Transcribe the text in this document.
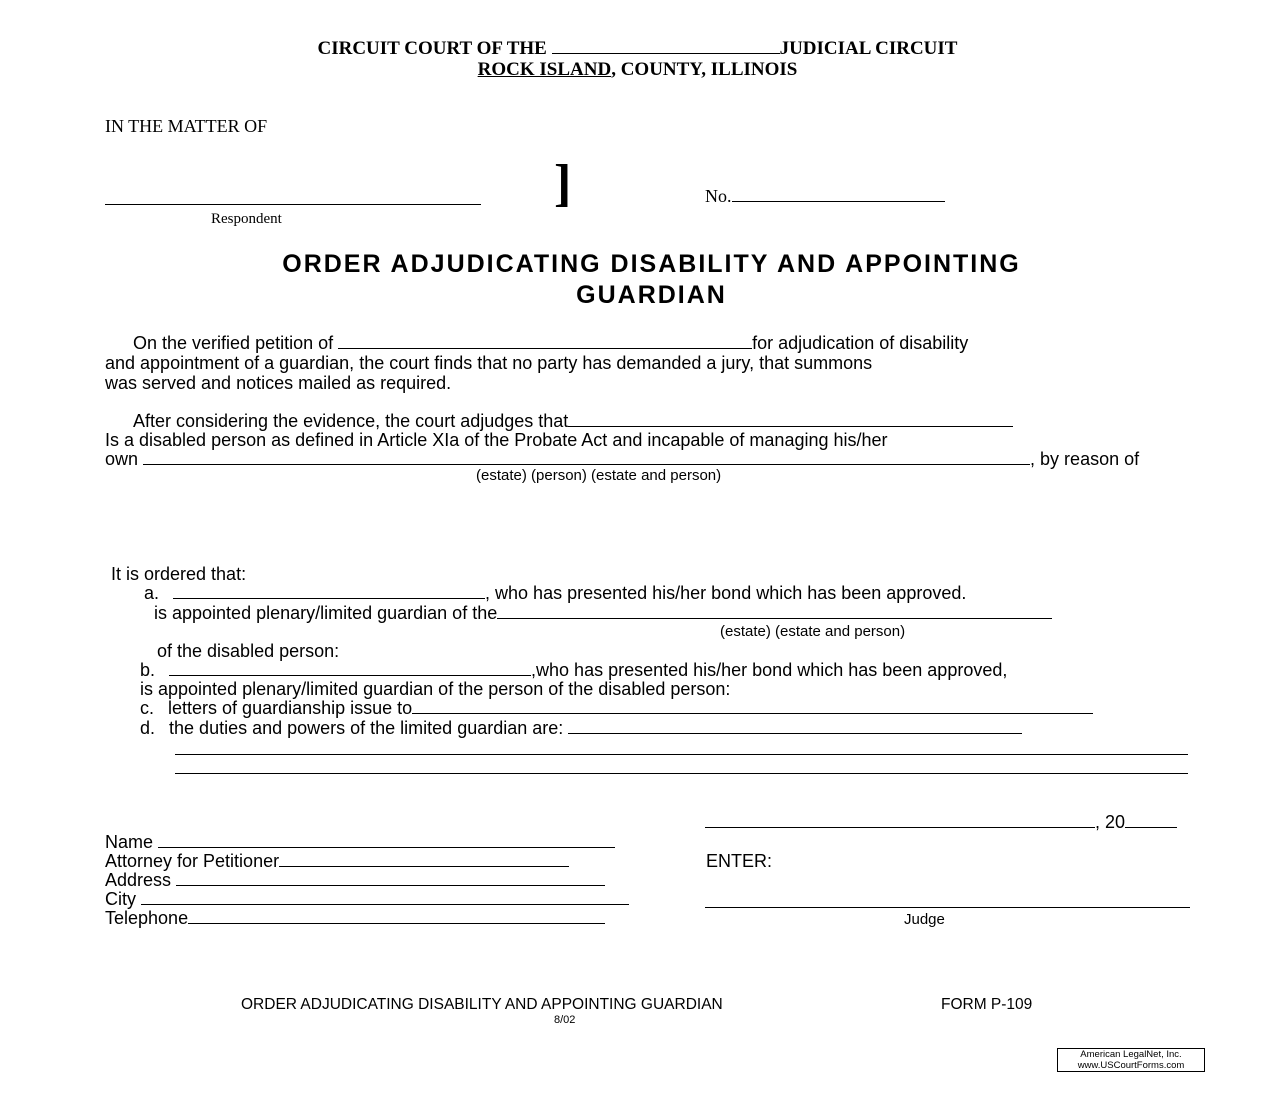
CIRCUIT COURT OF THE	JUDICIAL CIRCUIT
ROCK ISLAND, COUNTY, ILLINOIS
IN THE MATTER OF
Respondent
]	No.
ORDER ADJUDICATING DISABILITY AND APPOINTING
GUARDIAN
On the verified petition of	for adjudication of disability
and appointment of a guardian, the court finds that no party has demanded a jury, that summons
was served and notices mailed as required.
After considering the evidence, the court adjudges that
Is a disabled person as defined in Article XIa of the Probate Act and incapable of managing his/her
own	, by reason of
(estate) (person) (estate and person)
It is ordered that:
a.	, who has presented his/her bond which has been approved.
is appointed plenary/limited guardian of the
(estate) (estate and person)
of the disabled person:
b.	,who has presented his/her bond which has been approved,
is appointed plenary/limited guardian of the person of the disabled person:
c. letters of guardianship issue to
d. the duties and powers of the limited guardian are:
Name
Attorney for Petitioner
Address
City
Telephone
, 20
ENTER:
Judge
ORDER ADJUDICATING DISABILITY AND APPOINTING GUARDIAN	FORM P-109
8/02
American LegalNet, Inc.
www.USCourtForms.com
